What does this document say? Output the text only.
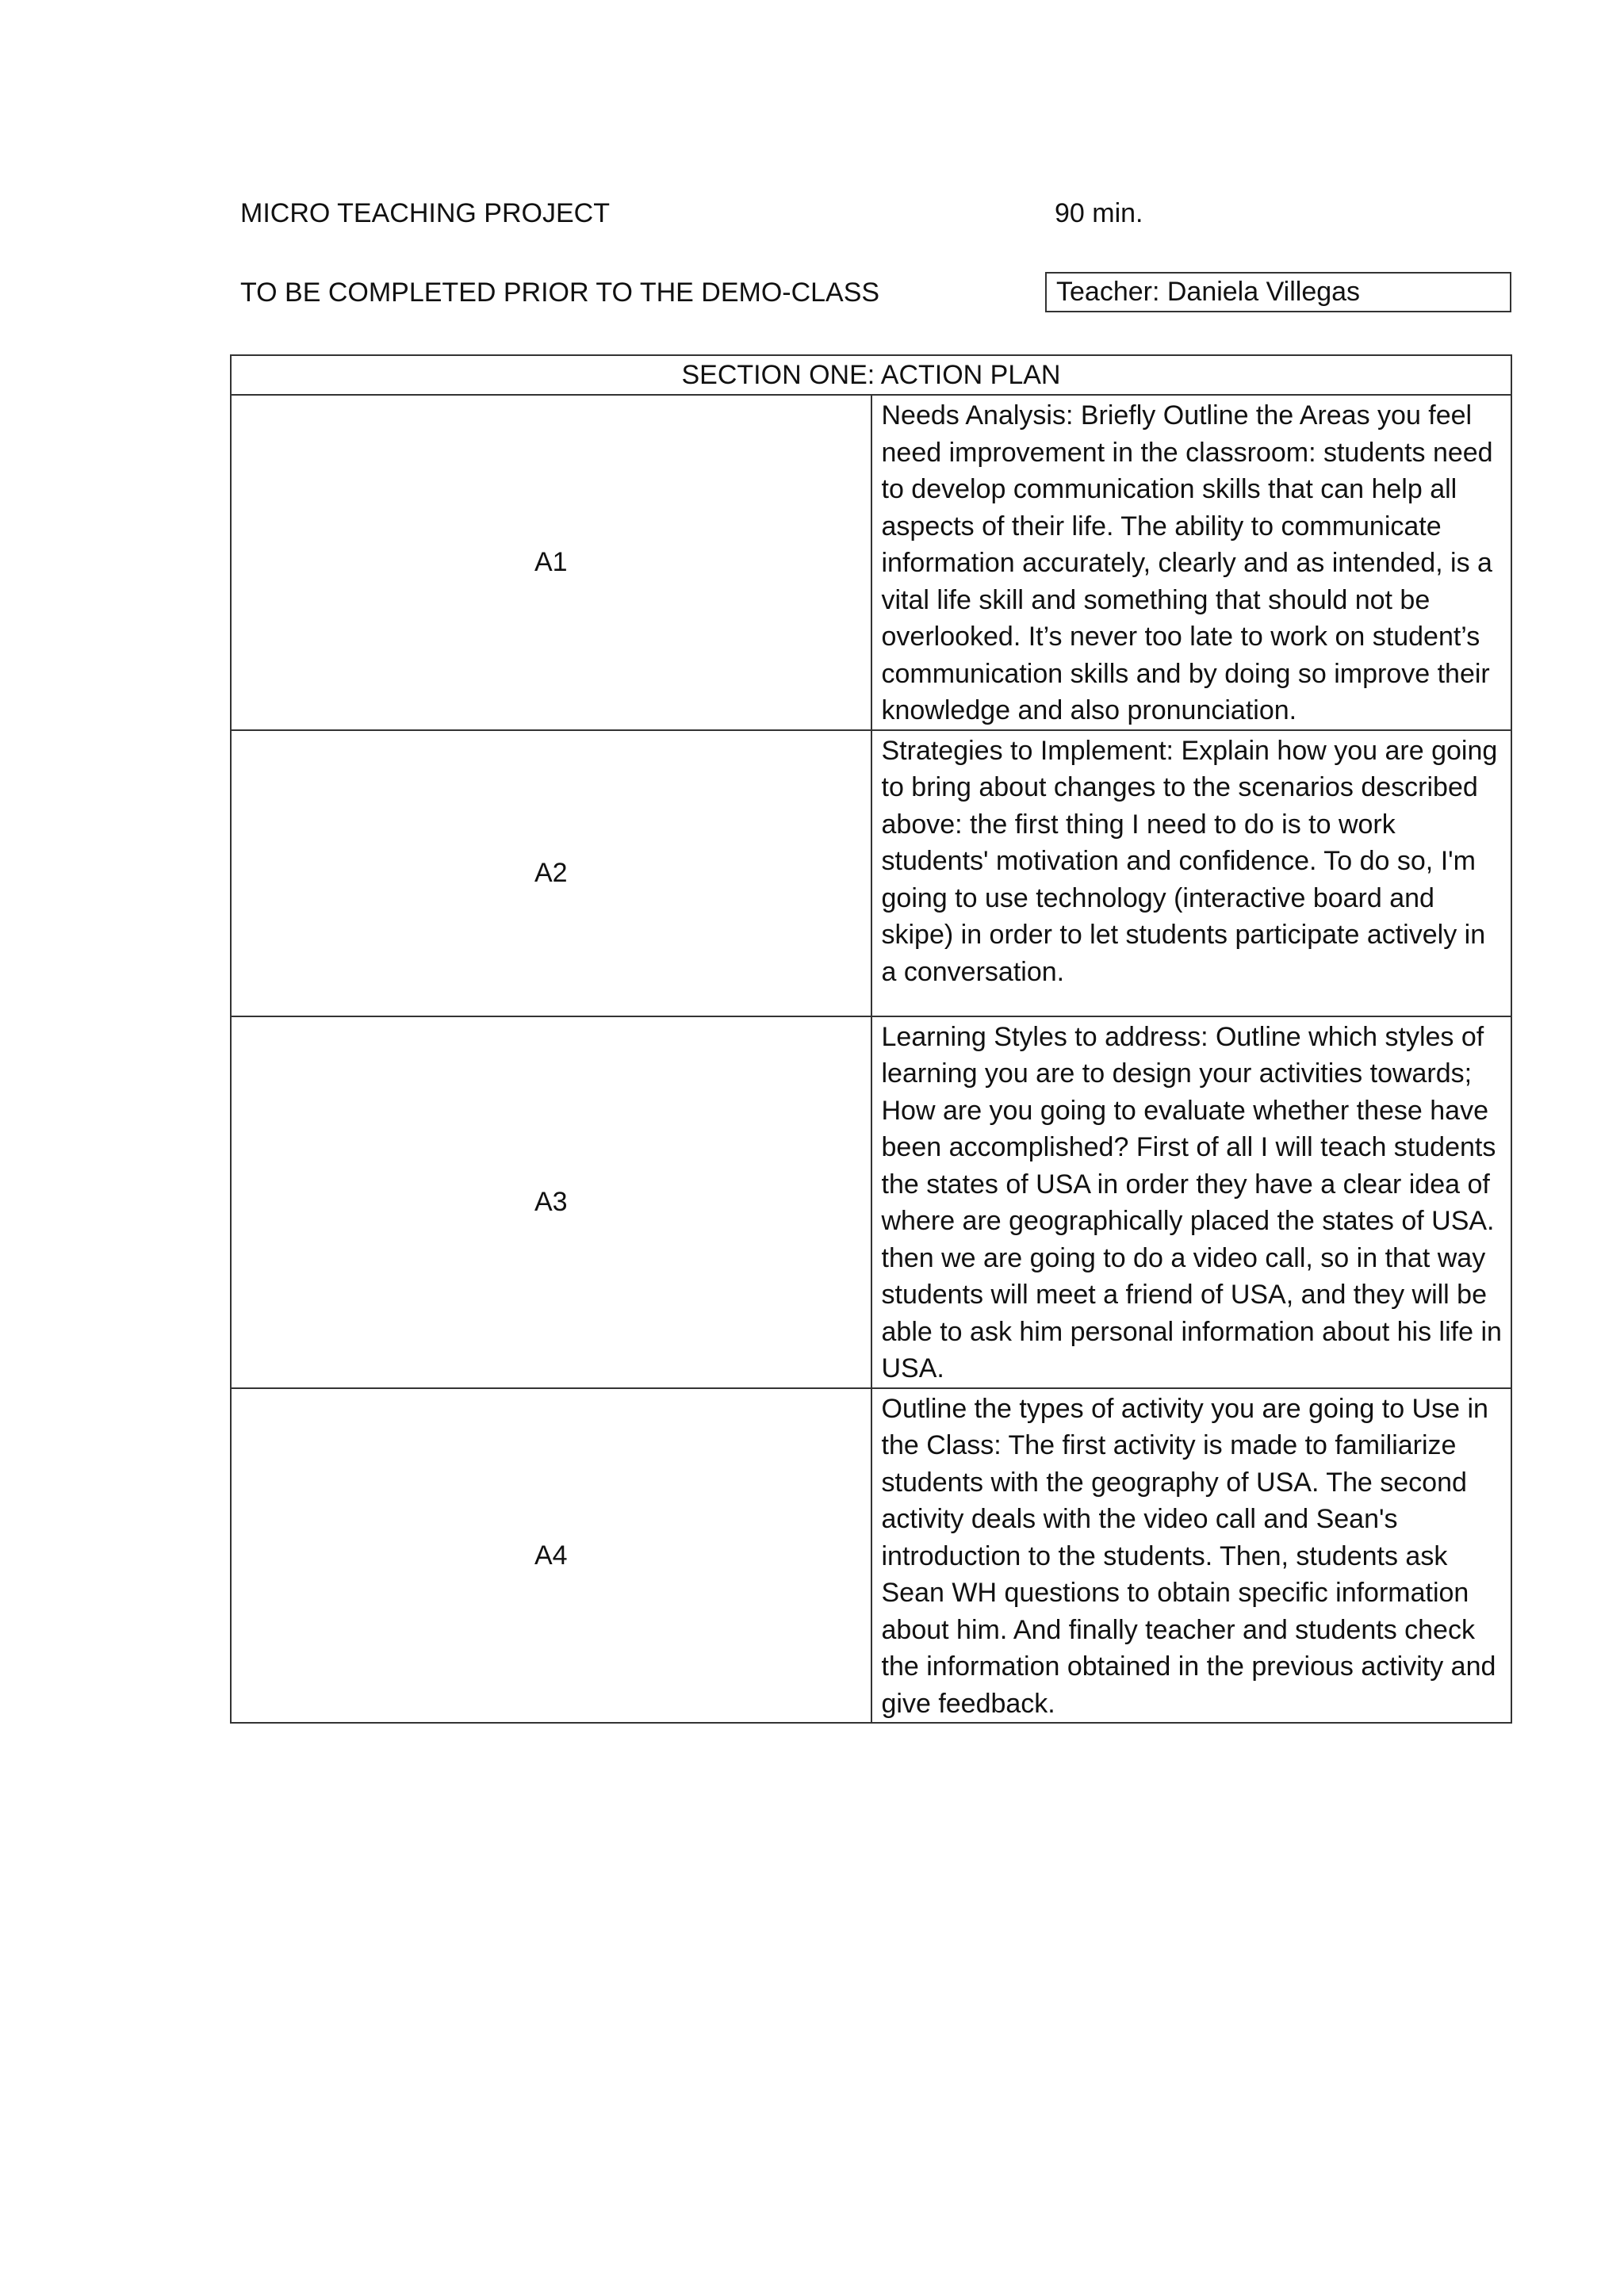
MICRO TEACHING PROJECT	90 min.
TO BE COMPLETED PRIOR TO THE DEMO-CLASS	Teacher: Daniela Villegas
SECTION ONE: ACTION PLAN	
A1	Needs Analysis: Briefly Outline the Areas you feel need improvement in the classroom: students need to develop communication skills that can help all aspects of their life. The ability to communicate information accurately, clearly and as intended, is a vital life skill and something that should not be overlooked. It’s never too late to work on student’s communication skills and by doing so improve their knowledge and also pronunciation.
A2	Strategies to Implement: Explain how you are going to bring about changes to the scenarios described above: the first thing I need to do is to work students' motivation and confidence. To do so, I'm going to use technology (interactive board and skipe) in order to let students participate actively in a conversation.
A3	Learning Styles to address: Outline which styles of learning you are to design your activities towards; How are you going to evaluate whether these have been accomplished? First of all I will teach students the states of USA in order they have a clear idea of where are geographically placed the states of USA. then we are going to do a video call, so in that way students will meet a friend of USA, and they will be able to ask him personal information about his life in USA.
A4	Outline the types of activity you are going to Use in the Class: The first activity is made to familiarize students with the geography of USA. The second activity deals with the video call and Sean's introduction to the students. Then, students ask Sean WH questions to obtain specific information about him. And finally teacher and students check the information obtained in the previous activity and give feedback.
